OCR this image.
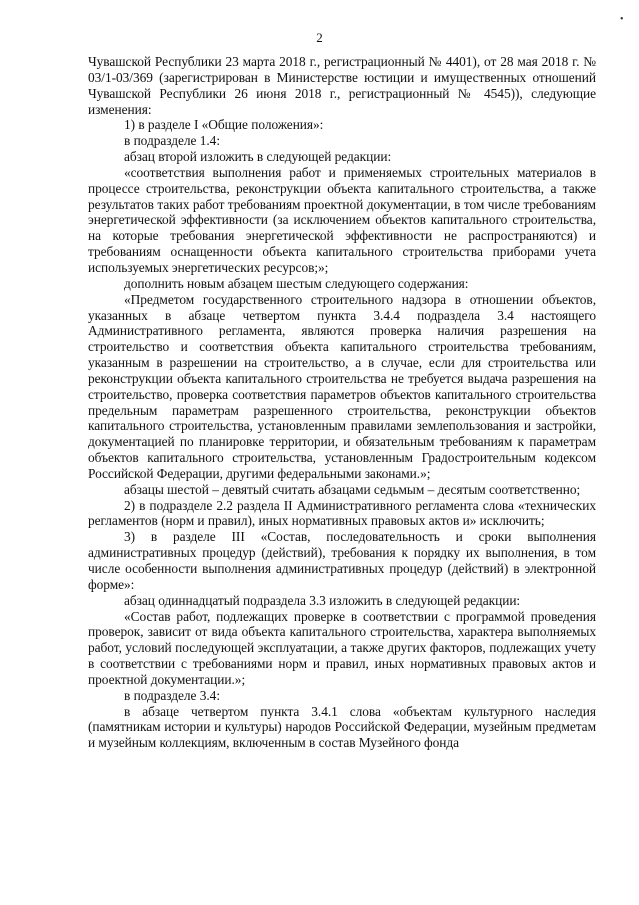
•
2

Чувашской Республики 23 марта 2018 г., регистрационный № 4401), от 28 мая 2018 г. № 03/1-03/369 (зарегистрирован в Министерстве юстиции и имущественных отношений Чувашской Республики 26 июня 2018 г., регистрационный № 4545)), следующие изменения:

1) в разделе I «Общие положения»:

в подразделе 1.4:

абзац второй изложить в следующей редакции:

«соответствия выполнения работ и применяемых строительных материалов в процессе строительства, реконструкции объекта капитального строительства, а также результатов таких работ требованиям проектной документации, в том числе требованиям энергетической эффективности (за исключением объектов капитального строительства, на которые требования энергетической эффективности не распространяются) и требованиям оснащенности объекта капитального строительства приборами учета используемых энергетических ресурсов;»;

дополнить новым абзацем шестым следующего содержания:

«Предметом государственного строительного надзора в отношении объектов, указанных в абзаце четвертом пункта 3.4.4 подраздела 3.4 настоящего Административного регламента, являются проверка наличия разрешения на строительство и соответствия объекта капитального строительства требованиям, указанным в разрешении на строительство, а в случае, если для строительства или реконструкции объекта капитального строительства не требуется выдача разрешения на строительство, проверка соответствия параметров объектов капитального строительства предельным параметрам разрешенного строительства, реконструкции объектов капитального строительства, установленным правилами землепользования и застройки, документацией по планировке территории, и обязательным требованиям к параметрам объектов капитального строительства, установленным Градостроительным кодексом Российской Федерации, другими федеральными законами.»;

абзацы шестой – девятый считать абзацами седьмым – десятым соответственно;

2) в подразделе 2.2 раздела II Административного регламента слова «технических регламентов (норм и правил), иных нормативных правовых актов и» исключить;

3) в разделе III «Состав, последовательность и сроки выполнения административных процедур (действий), требования к порядку их выполнения, в том числе особенности выполнения административных процедур (действий) в электронной форме»:

абзац одиннадцатый подраздела 3.3 изложить в следующей редакции:

«Состав работ, подлежащих проверке в соответствии с программой проведения проверок, зависит от вида объекта капитального строительства, характера выполняемых работ, условий последующей эксплуатации, а также других факторов, подлежащих учету в соответствии с требованиями норм и правил, иных нормативных правовых актов и проектной документации.»;

в подразделе 3.4:

в абзаце четвертом пункта 3.4.1 слова «объектам культурного наследия (памятникам истории и культуры) народов Российской Федерации, музейным предметам и музейным коллекциям, включенным в состав Музейного фонда
